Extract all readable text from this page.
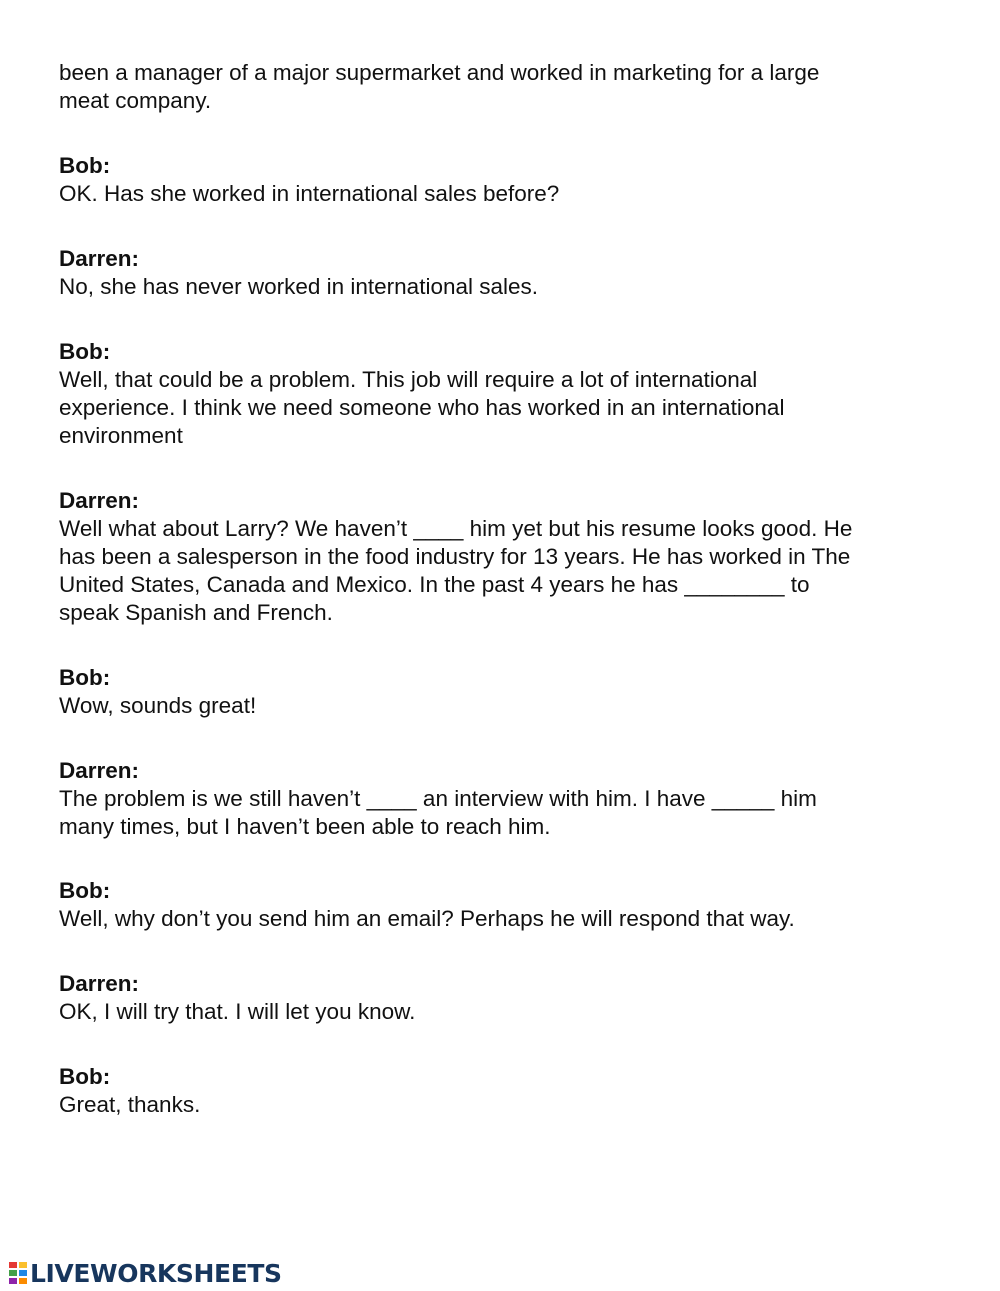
been a manager of a major supermarket and worked in marketing for a large
meat company.
Bob:
OK. Has she worked in international sales before?
Darren:
No, she has never worked in international sales.
Bob:
Well, that could be a problem. This job will require a lot of international
experience. I think we need someone who has worked in an international
environment
Darren:
Well what about Larry? We haven’t ____ him yet but his resume looks good. He
has been a salesperson in the food industry for 13 years. He has worked in The
United States, Canada and Mexico. In the past 4 years he has ________ to
speak Spanish and French.
Bob:
Wow, sounds great!
Darren:
The problem is we still haven’t ____ an interview with him. I have _____ him
many times, but I haven’t been able to reach him.
Bob:
Well, why don’t you send him an email? Perhaps he will respond that way.
Darren:
OK, I will try that. I will let you know.
Bob:
Great, thanks.
LIVEWORKSHEETS
